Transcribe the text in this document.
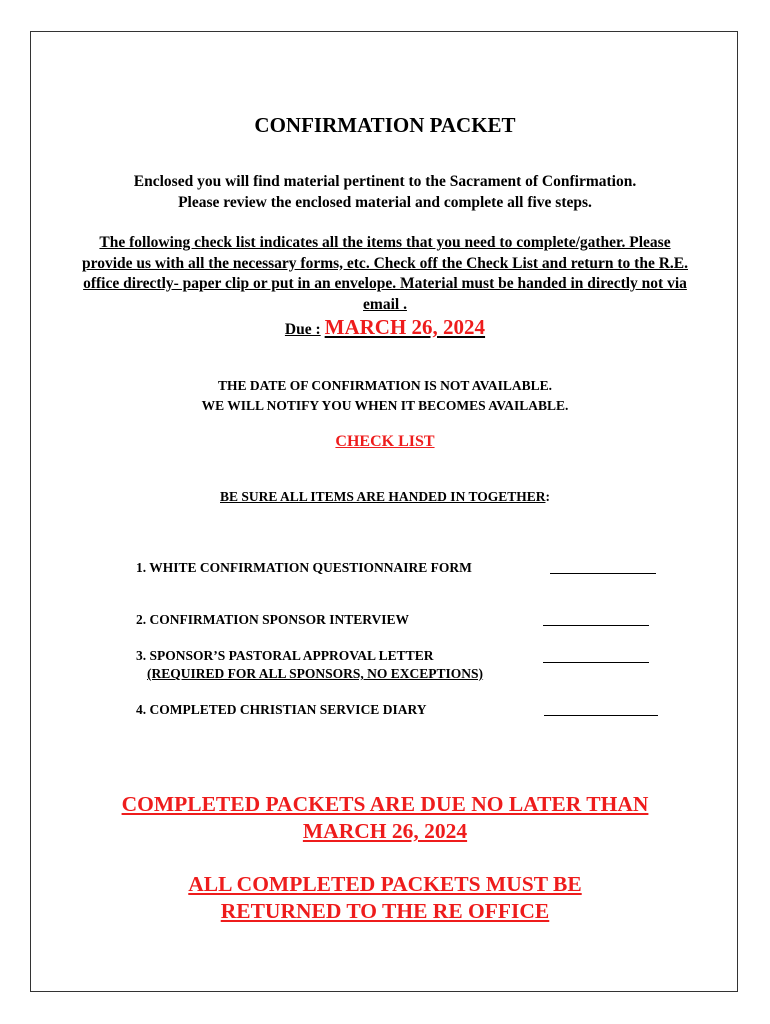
CONFIRMATION PACKET
Enclosed you will find material pertinent to the Sacrament of Confirmation.
Please review the enclosed material and complete all five steps.
The following check list indicates all the items that you need to complete/gather. Please provide us with all the necessary forms, etc. Check off the Check List and return to the R.E. office directly- paper clip or put in an envelope. Material must be handed in directly not via email .
Due : MARCH 26, 2024
THE DATE OF CONFIRMATION IS NOT AVAILABLE.
WE WILL NOTIFY YOU WHEN IT BECOMES AVAILABLE.
CHECK LIST
BE SURE ALL ITEMS ARE HANDED IN TOGETHER:
1. WHITE CONFIRMATION QUESTIONNAIRE FORM
2. CONFIRMATION SPONSOR INTERVIEW
3. SPONSOR’S PASTORAL APPROVAL LETTER
(REQUIRED FOR ALL SPONSORS, NO EXCEPTIONS)
4. COMPLETED CHRISTIAN SERVICE DIARY
COMPLETED PACKETS ARE DUE NO LATER THAN
MARCH 26, 2024
ALL COMPLETED PACKETS MUST BE
RETURNED TO THE RE OFFICE
